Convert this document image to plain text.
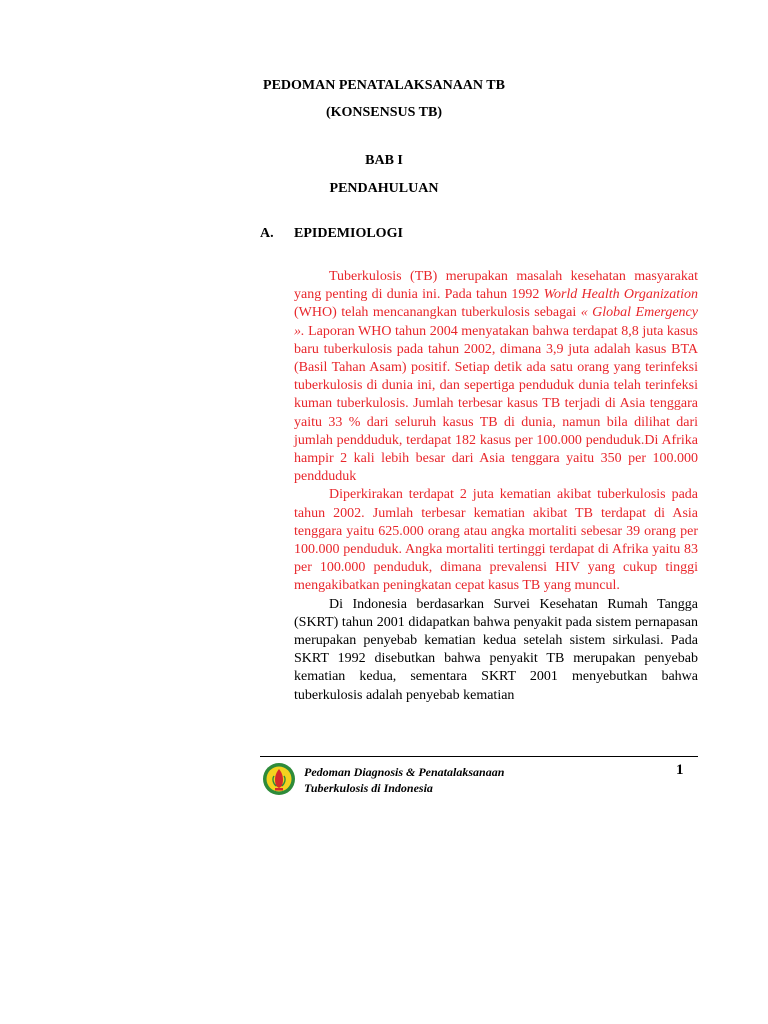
PEDOMAN PENATALAKSANAAN TB
(KONSENSUS TB)
BAB I
PENDAHULUAN
A. EPIDEMIOLOGI

Tuberkulosis (TB) merupakan masalah kesehatan masyarakat yang penting di dunia ini. Pada tahun 1992 World Health Organization (WHO) telah mencanangkan tuberkulosis sebagai « Global Emergency ». Laporan WHO tahun 2004 menyatakan bahwa terdapat 8,8 juta kasus baru tuberkulosis pada tahun 2002, dimana 3,9 juta adalah kasus BTA (Basil Tahan Asam) positif. Setiap detik ada satu orang yang terinfeksi tuberkulosis di dunia ini, dan sepertiga penduduk dunia telah terinfeksi kuman tuberkulosis. Jumlah terbesar kasus TB terjadi di Asia tenggara yaitu 33 % dari seluruh kasus TB di dunia, namun bila dilihat dari jumlah pendduduk, terdapat 182 kasus per 100.000 penduduk.Di Afrika hampir 2 kali lebih besar dari Asia tenggara yaitu 350 per 100.000 pendduduk

Diperkirakan terdapat 2 juta kematian akibat tuberkulosis pada tahun 2002. Jumlah terbesar kematian akibat TB terdapat di Asia tenggara yaitu 625.000 orang atau angka mortaliti sebesar 39 orang per 100.000 penduduk. Angka mortaliti tertinggi terdapat di Afrika yaitu 83 per 100.000 penduduk, dimana prevalensi HIV yang cukup tinggi mengakibatkan peningkatan cepat kasus TB yang muncul.

Di Indonesia berdasarkan Survei Kesehatan Rumah Tangga (SKRT) tahun 2001 didapatkan bahwa penyakit pada sistem pernapasan merupakan penyebab kematian kedua setelah sistem sirkulasi. Pada SKRT 1992 disebutkan bahwa penyakit TB merupakan penyebab kematian kedua, sementara SKRT 2001 menyebutkan bahwa tuberkulosis adalah penyebab kematian

Pedoman Diagnosis & Penatalaksanaan
Tuberkulosis di Indonesia
1
